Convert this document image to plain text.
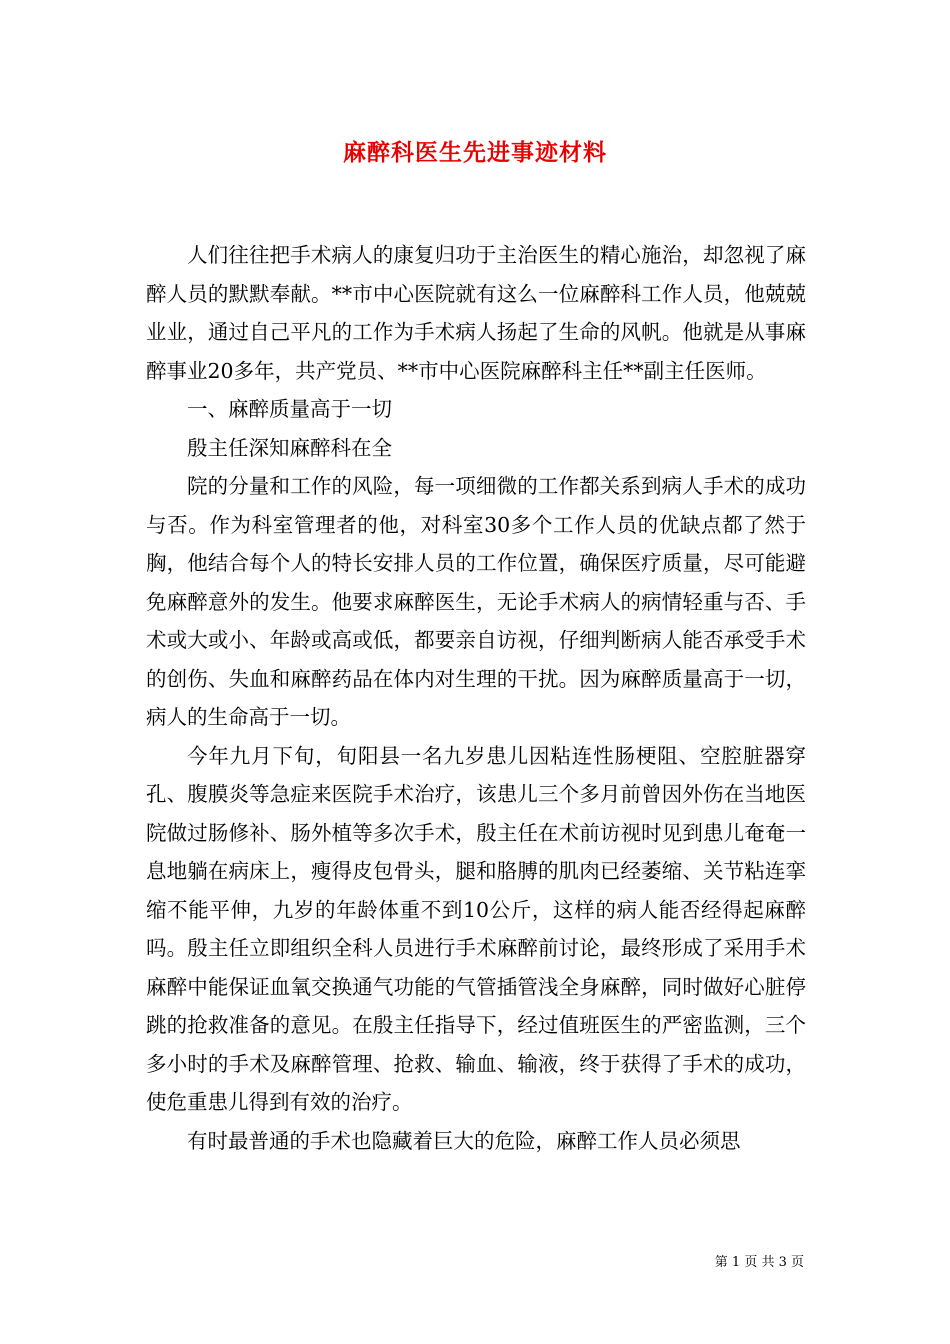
麻醉科医生先进事迹材料

人们往往把手术病人的康复归功于主治医生的精心施治，却忽视了麻醉人员的默默奉献。**市中心医院就有这么一位麻醉科工作人员，他兢兢业业，通过自己平凡的工作为手术病人扬起了生命的风帆。他就是从事麻醉事业20多年，共产党员、**市中心医院麻醉科主任**副主任医师。

一、麻醉质量高于一切

殷主任深知麻醉科在全

院的分量和工作的风险，每一项细微的工作都关系到病人手术的成功与否。作为科室管理者的他，对科室30多个工作人员的优缺点都了然于胸，他结合每个人的特长安排人员的工作位置，确保医疗质量，尽可能避免麻醉意外的发生。他要求麻醉医生，无论手术病人的病情轻重与否、手术或大或小、年龄或高或低，都要亲自访视，仔细判断病人能否承受手术的创伤、失血和麻醉药品在体内对生理的干扰。因为麻醉质量高于一切，病人的生命高于一切。

今年九月下旬，旬阳县一名九岁患儿因粘连性肠梗阻、空腔脏器穿孔、腹膜炎等急症来医院手术治疗，该患儿三个多月前曾因外伤在当地医院做过肠修补、肠外植等多次手术，殷主任在术前访视时见到患儿奄奄一息地躺在病床上，瘦得皮包骨头，腿和胳膊的肌肉已经萎缩、关节粘连挛缩不能平伸，九岁的年龄体重不到10公斤，这样的病人能否经得起麻醉吗。殷主任立即组织全科人员进行手术麻醉前讨论，最终形成了采用手术麻醉中能保证血氧交换通气功能的气管插管浅全身麻醉，同时做好心脏停跳的抢救准备的意见。在殷主任指导下，经过值班医生的严密监测，三个多小时的手术及麻醉管理、抢救、输血、输液，终于获得了手术的成功，使危重患儿得到有效的治疗。

有时最普通的手术也隐藏着巨大的危险，麻醉工作人员必须思

第 1 页 共 3 页
